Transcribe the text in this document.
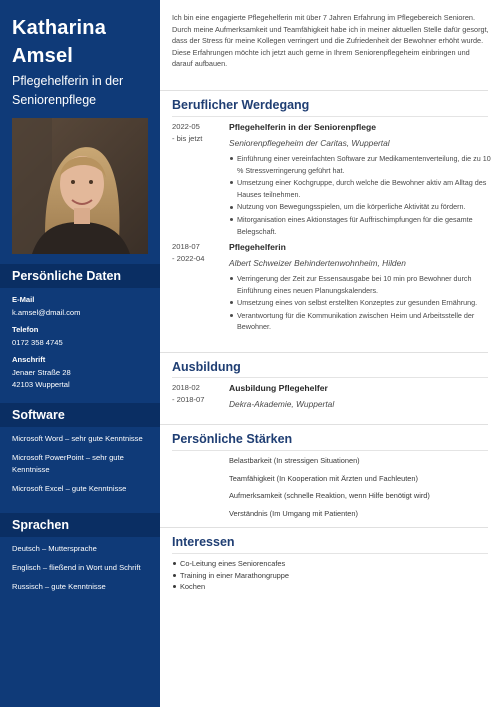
Katharina
Amsel
Pflegehelferin in der Seniorenpflege
Persönliche Daten
E-Mail
k.amsel@dmail.com
Telefon
0172 358 4745
Anschrift
Jenaer Straße 28
42103 Wuppertal
Software
Microsoft Word – sehr gute Kenntnisse
Microsoft PowerPoint – sehr gute Kenntnisse
Microsoft Excel – gute Kenntnisse
Sprachen
Deutsch – Muttersprache
Englisch – fließend in Wort und Schrift
Russisch – gute Kenntnisse
Ich bin eine engagierte Pflegehelferin mit über 7 Jahren Erfahrung im Pflegebereich Senioren. Durch meine Aufmerksamkeit und Teamfähigkeit habe ich in meiner aktuellen Stelle dafür gesorgt, dass der Stress für meine Kollegen verringert und die Zufriedenheit der Bewohner erhöht wurde. Diese Erfahrungen möchte ich jetzt auch gerne in Ihrem Seniorenpflegeheim einbringen und darauf aufbauen.
Beruflicher Werdegang
2022-05
- bis jetzt
Pflegehelferin in der Seniorenpflege
Seniorenpflegeheim der Caritas, Wuppertal
Einführung einer vereinfachten Software zur Medikamentenverteilung, die zu 10 % Stressverringerung geführt hat.
Umsetzung einer Kochgruppe, durch welche die Bewohner aktiv am Alltag des Hauses teilnehmen.
Nutzung von Bewegungsspielen, um die körperliche Aktivität zu fördern.
Mitorganisation eines Aktionstages für Auffrischimpfungen für die gesamte Belegschaft.
2018-07
- 2022-04
Pflegehelferin
Albert Schweizer Behindertenwohnheim, Hilden
Verringerung der Zeit zur Essensausgabe bei 10 min pro Bewohner durch Einführung eines neuen Planungskalenders.
Umsetzung eines von selbst erstellten Konzeptes zur gesunden Ernährung.
Verantwortung für die Kommunikation zwischen Heim und Arbeitsstelle der Bewohner.
Ausbildung
2018-02
- 2018-07
Ausbildung Pflegehelfer
Dekra-Akademie, Wuppertal
Persönliche Stärken
Belastbarkeit (In stressigen Situationen)
Teamfähigkeit (In Kooperation mit Ärzten und Fachleuten)
Aufmerksamkeit (schnelle Reaktion, wenn Hilfe benötigt wird)
Verständnis (Im Umgang mit Patienten)
Interessen
Co-Leitung eines Seniorencafes
Training in einer Marathongruppe
Kochen
